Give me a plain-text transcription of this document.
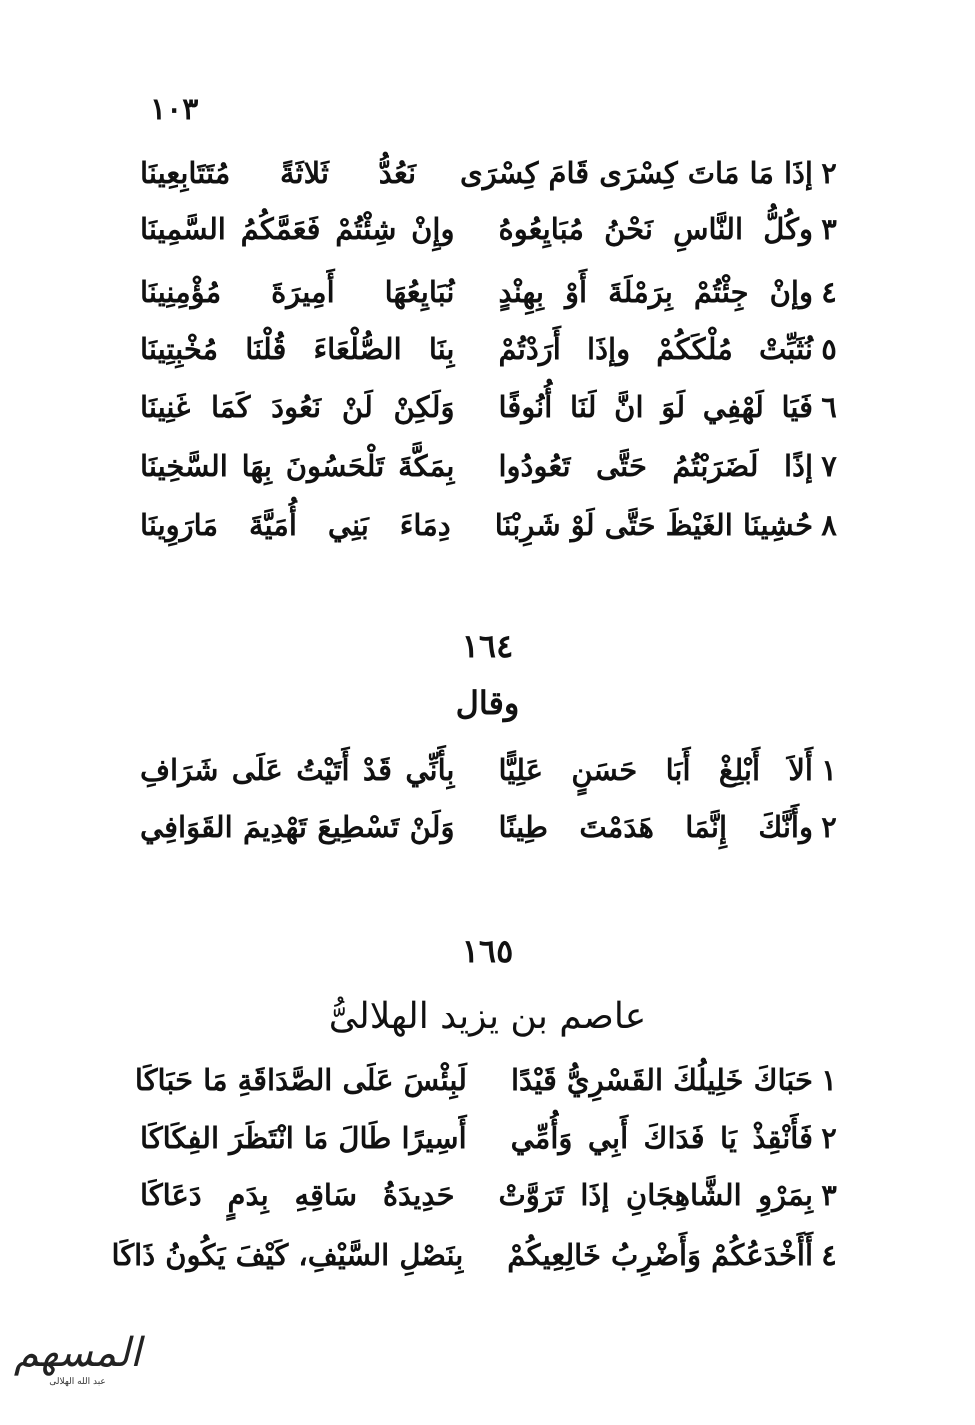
١٠٣
٢
إذَا مَا مَاتَ كِسْرَى قَامَ كِسْرَى
نَعُدُّ ثَلاثَةً مُتَتَابِعِينَا
٣
وكُلُّ النَّاسِ نَحْنُ مُبَايِعُوهُ
وإِنْ شِئْتُمْ فَعَمَّكُمُ السَّمِينَا
٤
وإنْ جِئْتُمْ بِرَمْلَةَ أَوْ بِهِنْدٍ
نُبَايِعُهَا أَمِيرَةَ مُؤْمِنِينَا
٥
نُثَبِّتْ مُلْكَكُمْ وإذَا أَرَدْتُمْ
بِنَا الصُّلْعَاءَ قُلْنَا مُخْبِتِينَا
٦
فَيَا لَهْفِي لَوَ انَّ لَنَا أُنُوفًا
وَلَكِنْ لَنْ نَعُودَ كَمَا غَنِينَا
٧
إذًا لَضَرَبْتُمُ حَتَّى تَعُودُوا
بِمَكَّةَ تَلْحَسُونَ بِهَا السَّخِينَا
٨
حُشِينَا الغَيْظَ حَتَّى لَوْ شَرِبْنَا
دِمَاءَ بَنِي أُمَيَّةَ مَارَوِينَا
١٦٤
وقال
١
أَلاَ أَبْلِغْ أَبَا حَسَنٍ عَلِيًّا
بِأَنِّي قَدْ أَتَيْتُ عَلَى شَرَافِ
٢
وأَنَّكَ إِنَّمَا هَدَمْتَ طِينًا
وَلَنْ تَسْطِيعَ تَهْدِيمَ القَوَافِي
١٦٥
عاصم بن يزيد الهلالىُّ
١
حَبَاكَ خَلِيلُكَ القَسْرِيُّ قَيْدًا
لَبِئْسَ عَلَى الصَّدَاقَةِ مَا حَبَاكَا
٢
فَأَنْقِذْ يَا فَدَاكَ أَبِي وَأُمِّي
أَسِيرًا طَالَ مَا انْتَظَرَ الفِكَاكَا
٣
بِمَرْوِ الشَّاهِجَانِ إذَا تَرَوَّتْ
حَدِيدَةُ سَاقِهِ بِدَمٍ دَعَاكَا
٤
أَأَخْدَعُكُمْ وَأَضْرِبُ خَالِعِيكُمْ
بِنَصْلِ السَّيْفِ، كَيْفَ يَكُونُ ذَاكَا
المسهم
عبد الله الهلالى
